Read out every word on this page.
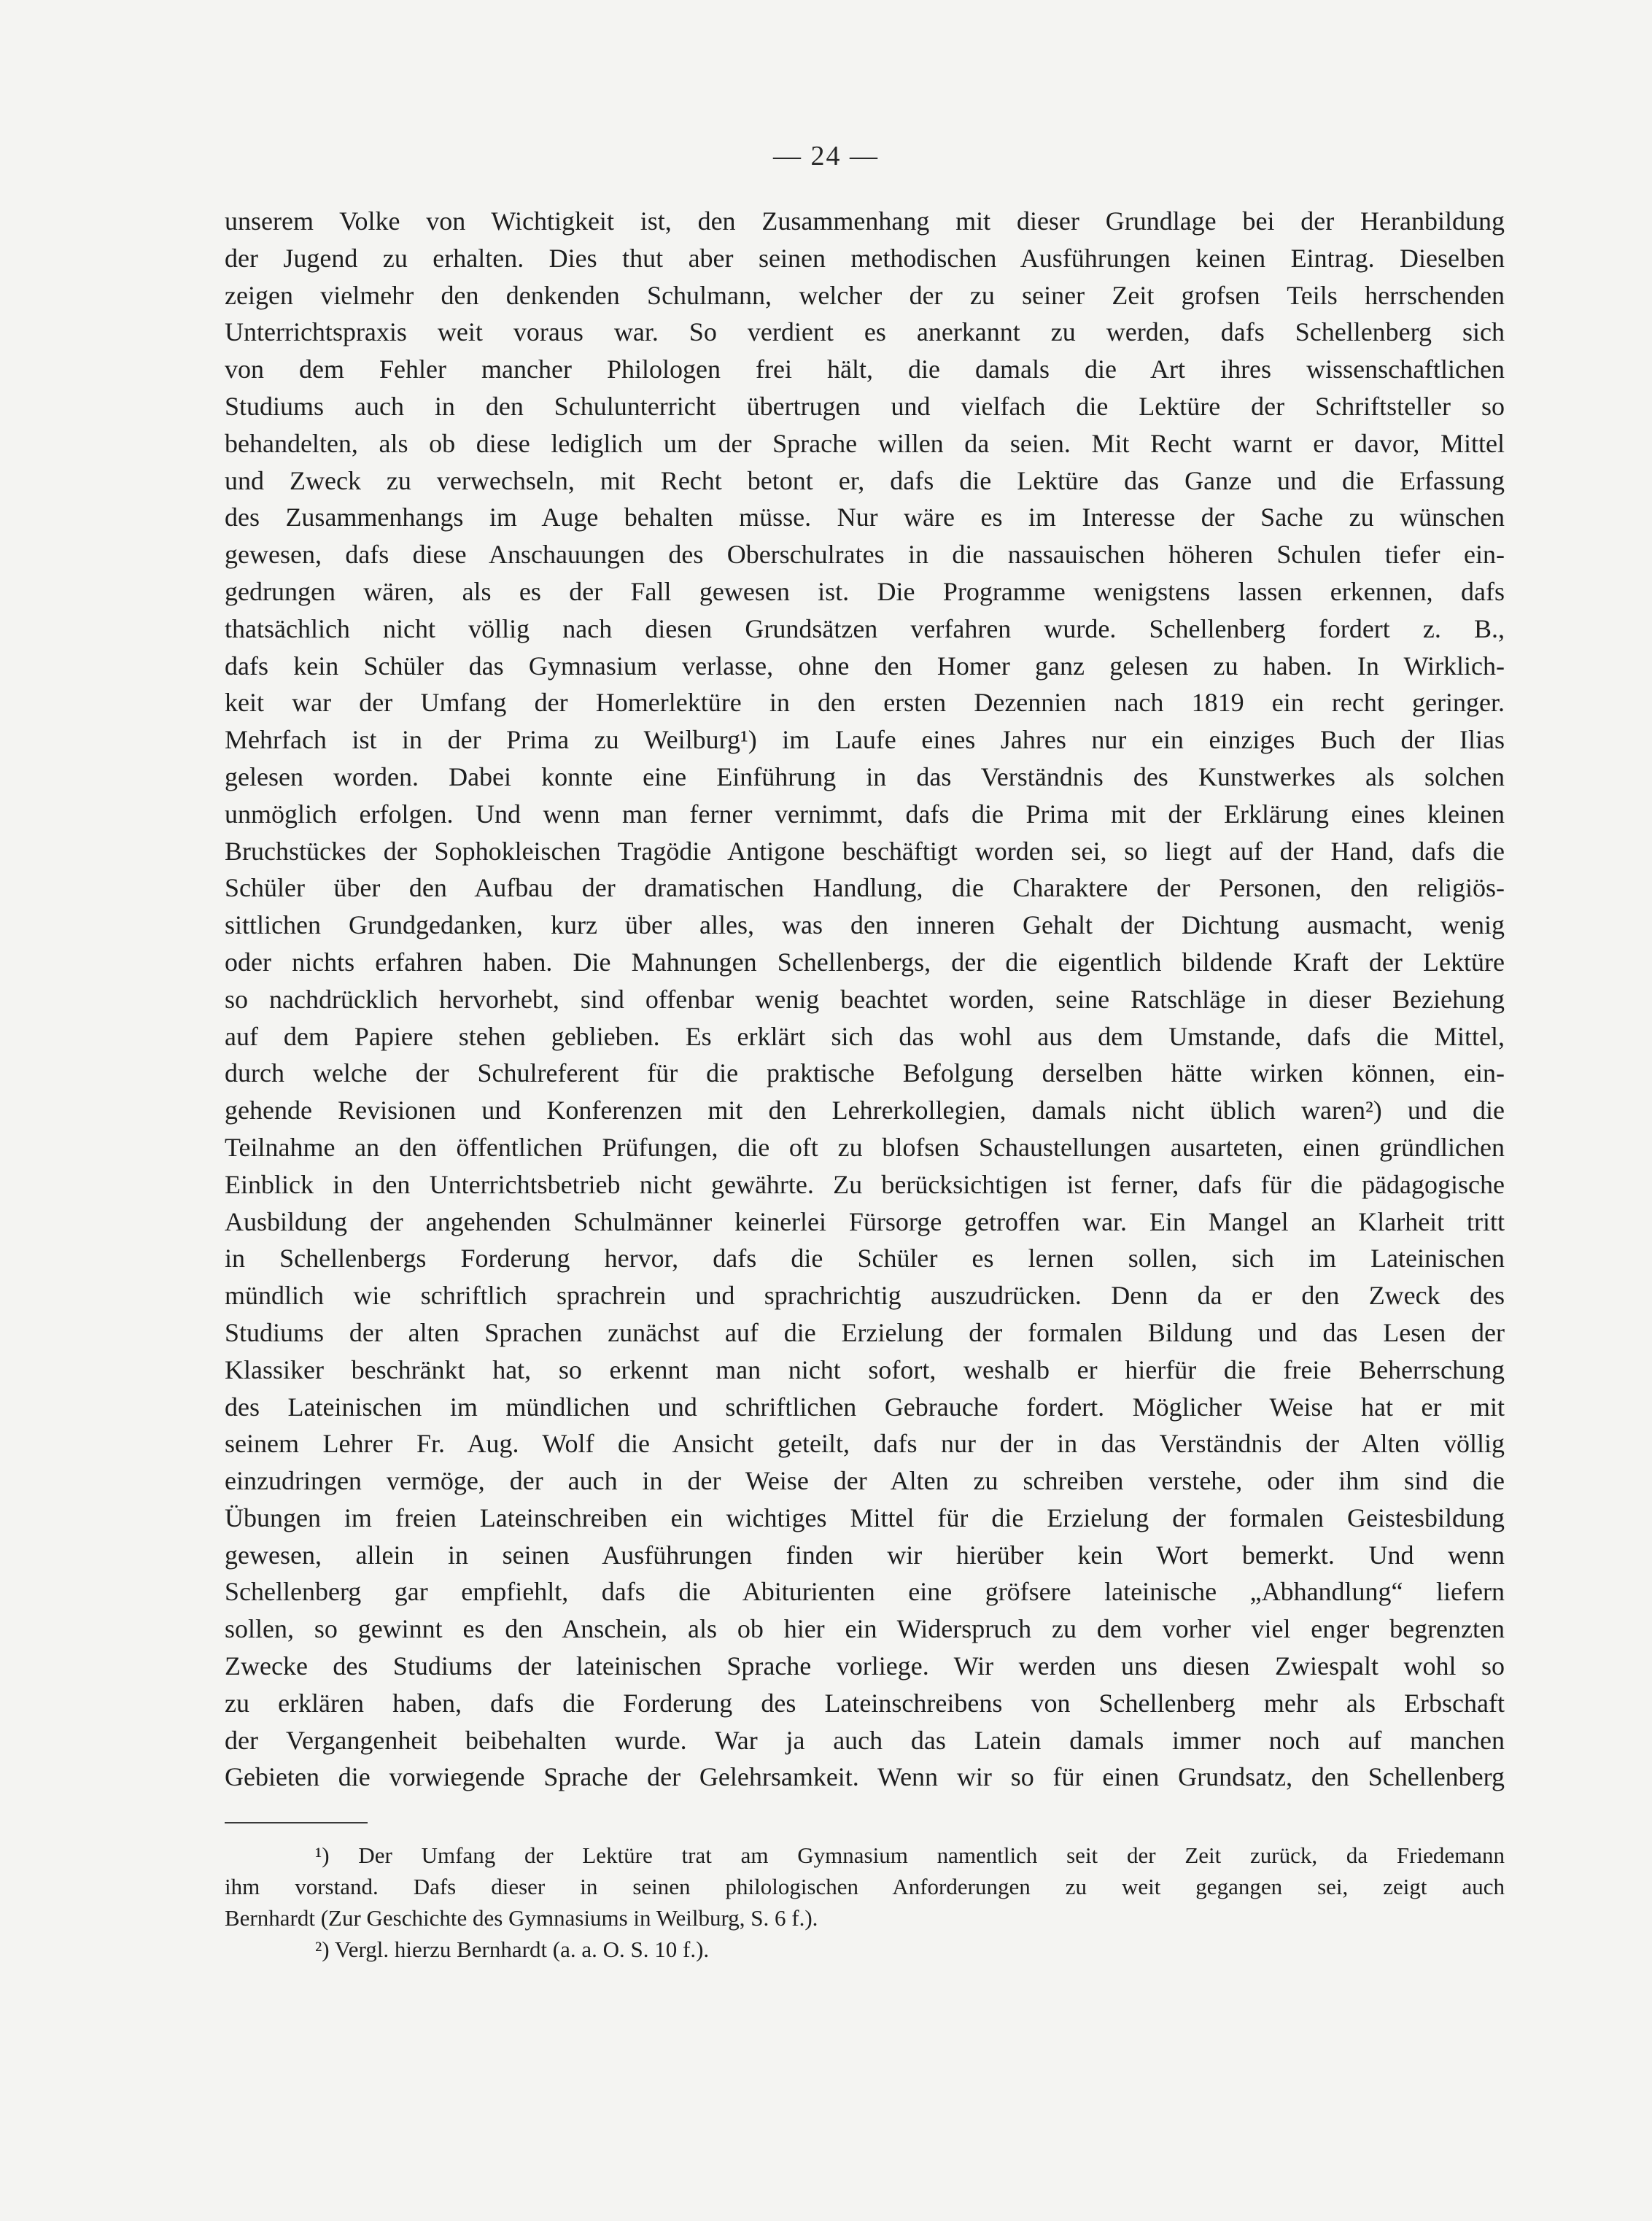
— 24 —
unserem Volke von Wichtigkeit ist, den Zusammenhang mit dieser Grundlage bei der Heranbildung
der Jugend zu erhalten. Dies thut aber seinen methodischen Ausführungen keinen Eintrag. Dieselben
zeigen vielmehr den denkenden Schulmann, welcher der zu seiner Zeit grofsen Teils herrschenden
Unterrichtspraxis weit voraus war. So verdient es anerkannt zu werden, dafs Schellenberg sich
von dem Fehler mancher Philologen frei hält, die damals die Art ihres wissenschaftlichen
Studiums auch in den Schulunterricht übertrugen und vielfach die Lektüre der Schriftsteller so
behandelten, als ob diese lediglich um der Sprache willen da seien. Mit Recht warnt er davor, Mittel
und Zweck zu verwechseln, mit Recht betont er, dafs die Lektüre das Ganze und die Erfassung
des Zusammenhangs im Auge behalten müsse. Nur wäre es im Interesse der Sache zu wünschen
gewesen, dafs diese Anschauungen des Oberschulrates in die nassauischen höheren Schulen tiefer ein-
gedrungen wären, als es der Fall gewesen ist. Die Programme wenigstens lassen erkennen, dafs
thatsächlich nicht völlig nach diesen Grundsätzen verfahren wurde. Schellenberg fordert z. B.,
dafs kein Schüler das Gymnasium verlasse, ohne den Homer ganz gelesen zu haben. In Wirklich-
keit war der Umfang der Homerlektüre in den ersten Dezennien nach 1819 ein recht geringer.
Mehrfach ist in der Prima zu Weilburg¹) im Laufe eines Jahres nur ein einziges Buch der Ilias
gelesen worden. Dabei konnte eine Einführung in das Verständnis des Kunstwerkes als solchen
unmöglich erfolgen. Und wenn man ferner vernimmt, dafs die Prima mit der Erklärung eines kleinen
Bruchstückes der Sophokleischen Tragödie Antigone beschäftigt worden sei, so liegt auf der Hand, dafs die
Schüler über den Aufbau der dramatischen Handlung, die Charaktere der Personen, den religiös-
sittlichen Grundgedanken, kurz über alles, was den inneren Gehalt der Dichtung ausmacht, wenig
oder nichts erfahren haben. Die Mahnungen Schellenbergs, der die eigentlich bildende Kraft der Lektüre
so nachdrücklich hervorhebt, sind offenbar wenig beachtet worden, seine Ratschläge in dieser Beziehung
auf dem Papiere stehen geblieben. Es erklärt sich das wohl aus dem Umstande, dafs die Mittel,
durch welche der Schulreferent für die praktische Befolgung derselben hätte wirken können, ein-
gehende Revisionen und Konferenzen mit den Lehrerkollegien, damals nicht üblich waren²) und die
Teilnahme an den öffentlichen Prüfungen, die oft zu blofsen Schaustellungen ausarteten, einen gründlichen
Einblick in den Unterrichtsbetrieb nicht gewährte. Zu berücksichtigen ist ferner, dafs für die pädagogische
Ausbildung der angehenden Schulmänner keinerlei Fürsorge getroffen war. Ein Mangel an Klarheit tritt
in Schellenbergs Forderung hervor, dafs die Schüler es lernen sollen, sich im Lateinischen
mündlich wie schriftlich sprachrein und sprachrichtig auszudrücken. Denn da er den Zweck des
Studiums der alten Sprachen zunächst auf die Erzielung der formalen Bildung und das Lesen der
Klassiker beschränkt hat, so erkennt man nicht sofort, weshalb er hierfür die freie Beherrschung
des Lateinischen im mündlichen und schriftlichen Gebrauche fordert. Möglicher Weise hat er mit
seinem Lehrer Fr. Aug. Wolf die Ansicht geteilt, dafs nur der in das Verständnis der Alten völlig
einzudringen vermöge, der auch in der Weise der Alten zu schreiben verstehe, oder ihm sind die
Übungen im freien Lateinschreiben ein wichtiges Mittel für die Erzielung der formalen Geistesbildung
gewesen, allein in seinen Ausführungen finden wir hierüber kein Wort bemerkt. Und wenn
Schellenberg gar empfiehlt, dafs die Abiturienten eine gröfsere lateinische „Abhandlung“ liefern
sollen, so gewinnt es den Anschein, als ob hier ein Widerspruch zu dem vorher viel enger begrenzten
Zwecke des Studiums der lateinischen Sprache vorliege. Wir werden uns diesen Zwiespalt wohl so
zu erklären haben, dafs die Forderung des Lateinschreibens von Schellenberg mehr als Erbschaft
der Vergangenheit beibehalten wurde. War ja auch das Latein damals immer noch auf manchen
Gebieten die vorwiegende Sprache der Gelehrsamkeit. Wenn wir so für einen Grundsatz, den Schellenberg
¹) Der Umfang der Lektüre trat am Gymnasium namentlich seit der Zeit zurück, da Friedemann
ihm vorstand. Dafs dieser in seinen philologischen Anforderungen zu weit gegangen sei, zeigt auch
Bernhardt (Zur Geschichte des Gymnasiums in Weilburg, S. 6 f.).
²) Vergl. hierzu Bernhardt (a. a. O. S. 10 f.).
